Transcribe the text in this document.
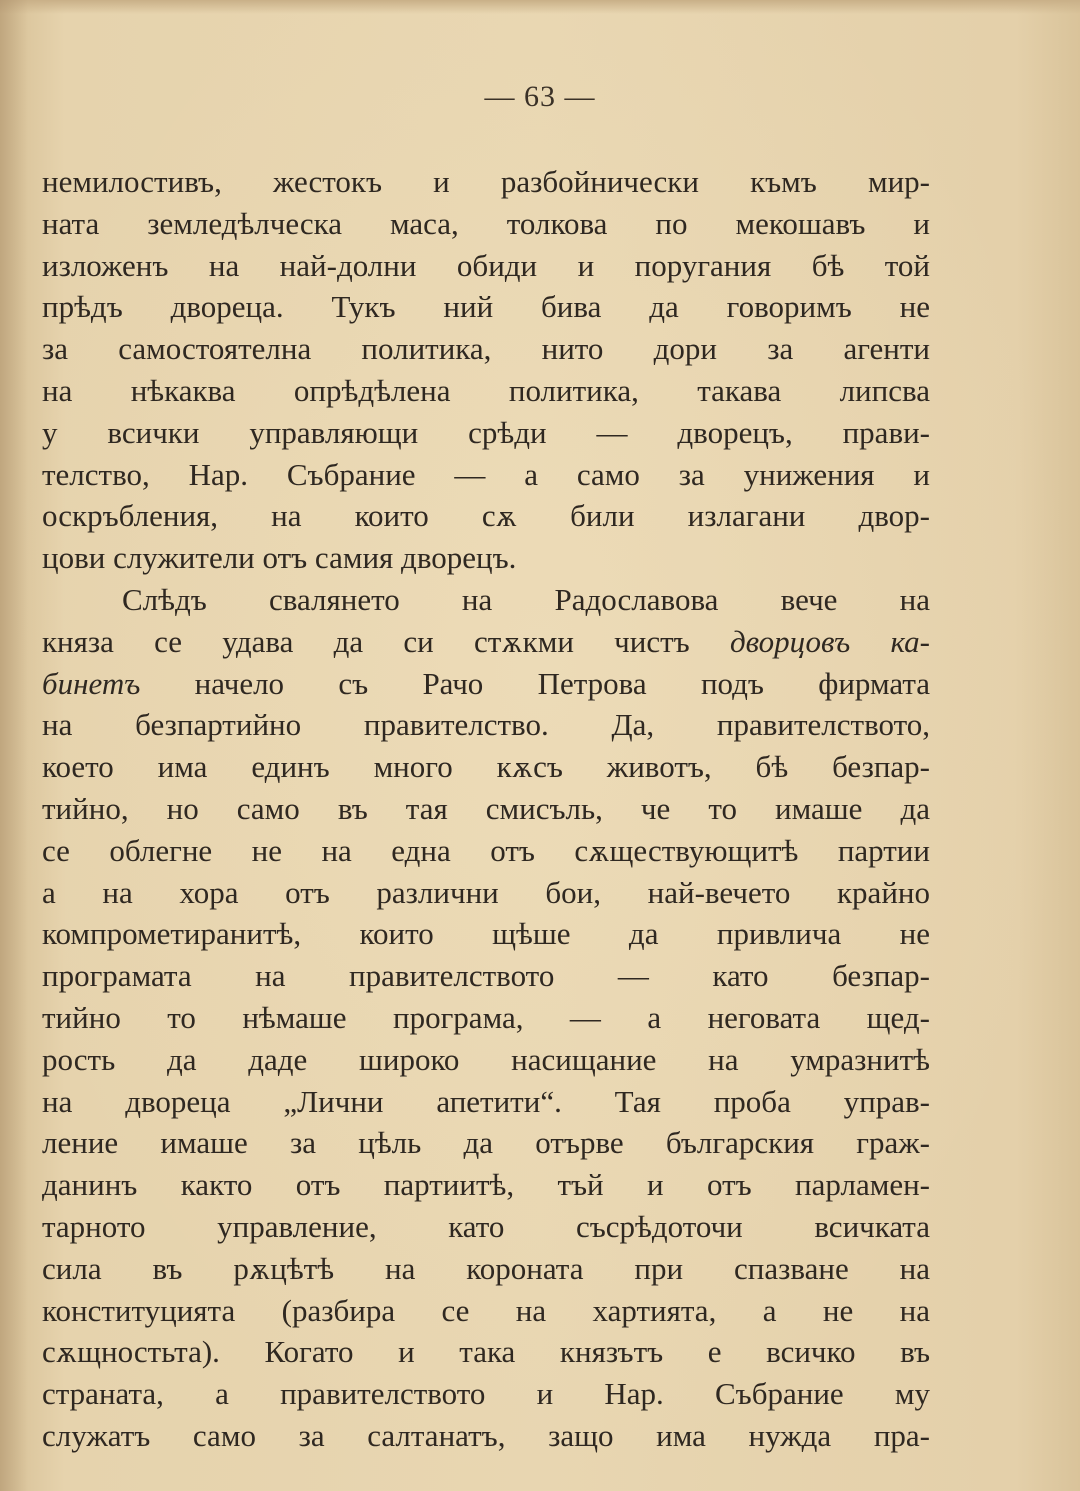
— 63 —
немилостивъ, жестокъ и разбойнически къмъ мир-
ната земледѣлческа маса, толкова по мекошавъ и
изложенъ на най-долни обиди и поругания бѣ той
прѣдъ двореца. Тукъ ний бива да говоримъ не
за самостоятелна политика, нито дори за агенти
на нѣкаква опрѣдѣлена политика, такава липсва
у всички управляющи срѣди — дворецъ, прави-
телство, Нар. Събрание — а само за унижения и
оскръбления, на които сѫ били излагани двор-
цови служители отъ самия дворецъ.
Слѣдъ свалянето на Радославова вече на
князa се удава да си стѫкми чистъ дворцовъ ка-
бинетъ начело съ Рачо Петрова подъ фирмата
на безпартийно правителство. Да, правителството,
което има единъ много кѫсъ животъ, бѣ безпар-
тийно, но само въ тая смисъль, че то имаше да
се облегне не на една отъ сѫществующитѣ партии
а на хора отъ различни бои, най-вечето крайно
компрометиранитѣ, които щѣше да привлича не
програмата на правителството — като безпар-
тийно то нѣмаше програма, — а неговата щед-
рость да даде широко насищание на умразнитѣ
на двореца „Лични апетити“. Тая проба управ-
ление имаше за цѣль да отърве българския граж-
данинъ както отъ партиитѣ, тъй и отъ парламен-
тарното управление, като съсрѣдоточи всичката
сила въ рѫцѣтѣ на короната при спазване на
конституцията (разбира се на хартията, а не на
сѫщностьта). Когато и така князътъ е всичко въ
страната, а правителството и Нар. Събрание му
служатъ само за салтанатъ, защо има нужда пра-
